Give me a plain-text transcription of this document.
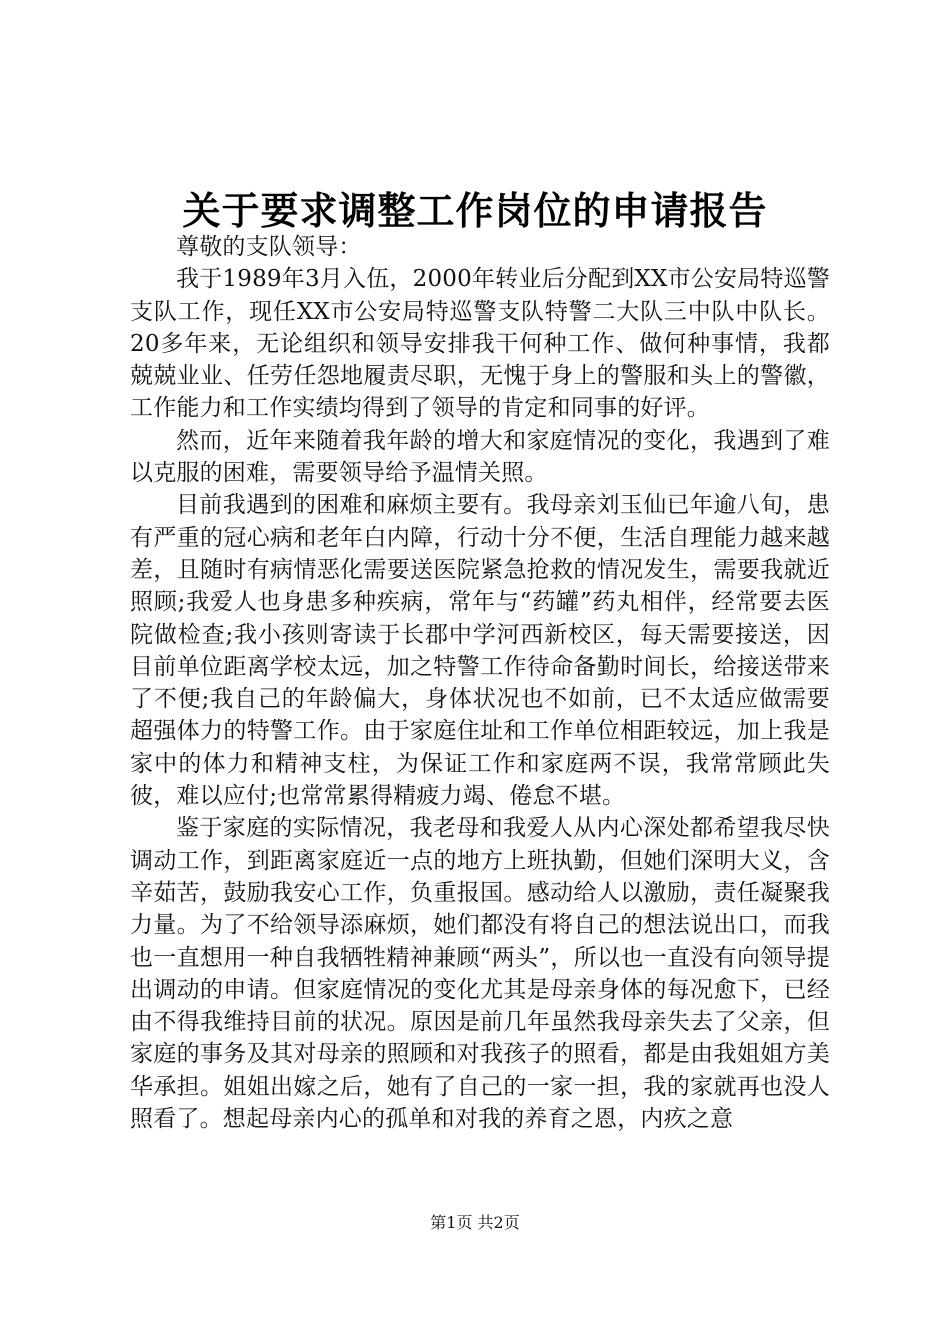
关于要求调整工作岗位的申请报告

尊敬的支队领导：

我于1989年3月入伍，2000年转业后分配到XX市公安局特巡警支队工作，现任XX市公安局特巡警支队特警二大队三中队中队长。20多年来，无论组织和领导安排我干何种工作、做何种事情，我都兢兢业业、任劳任怨地履责尽职，无愧于身上的警服和头上的警徽，工作能力和工作实绩均得到了领导的肯定和同事的好评。

然而，近年来随着我年龄的增大和家庭情况的变化，我遇到了难以克服的困难，需要领导给予温情关照。

目前我遇到的困难和麻烦主要有。我母亲刘玉仙已年逾八旬，患有严重的冠心病和老年白内障，行动十分不便，生活自理能力越来越差，且随时有病情恶化需要送医院紧急抢救的情况发生，需要我就近照顾;我爱人也身患多种疾病，常年与“药罐”药丸相伴，经常要去医院做检查;我小孩则寄读于长郡中学河西新校区，每天需要接送，因目前单位距离学校太远，加之特警工作待命备勤时间长，给接送带来了不便;我自己的年龄偏大，身体状况也不如前，已不太适应做需要超强体力的特警工作。由于家庭住址和工作单位相距较远，加上我是家中的体力和精神支柱，为保证工作和家庭两不误，我常常顾此失彼，难以应付;也常常累得精疲力竭、倦怠不堪。

鉴于家庭的实际情况，我老母和我爱人从内心深处都希望我尽快调动工作，到距离家庭近一点的地方上班执勤，但她们深明大义，含辛茹苦，鼓励我安心工作，负重报国。感动给人以激励，责任凝聚我力量。为了不给领导添麻烦，她们都没有将自己的想法说出口，而我也一直想用一种自我牺牲精神兼顾“两头”，所以也一直没有向领导提出调动的申请。但家庭情况的变化尤其是母亲身体的每况愈下，已经由不得我维持目前的状况。原因是前几年虽然我母亲失去了父亲，但家庭的事务及其对母亲的照顾和对我孩子的照看，都是由我姐姐方美华承担。姐姐出嫁之后，她有了自己的一家一担，我的家就再也没人照看了。想起母亲内心的孤单和对我的养育之恩，内疚之意

第1页 共2页
